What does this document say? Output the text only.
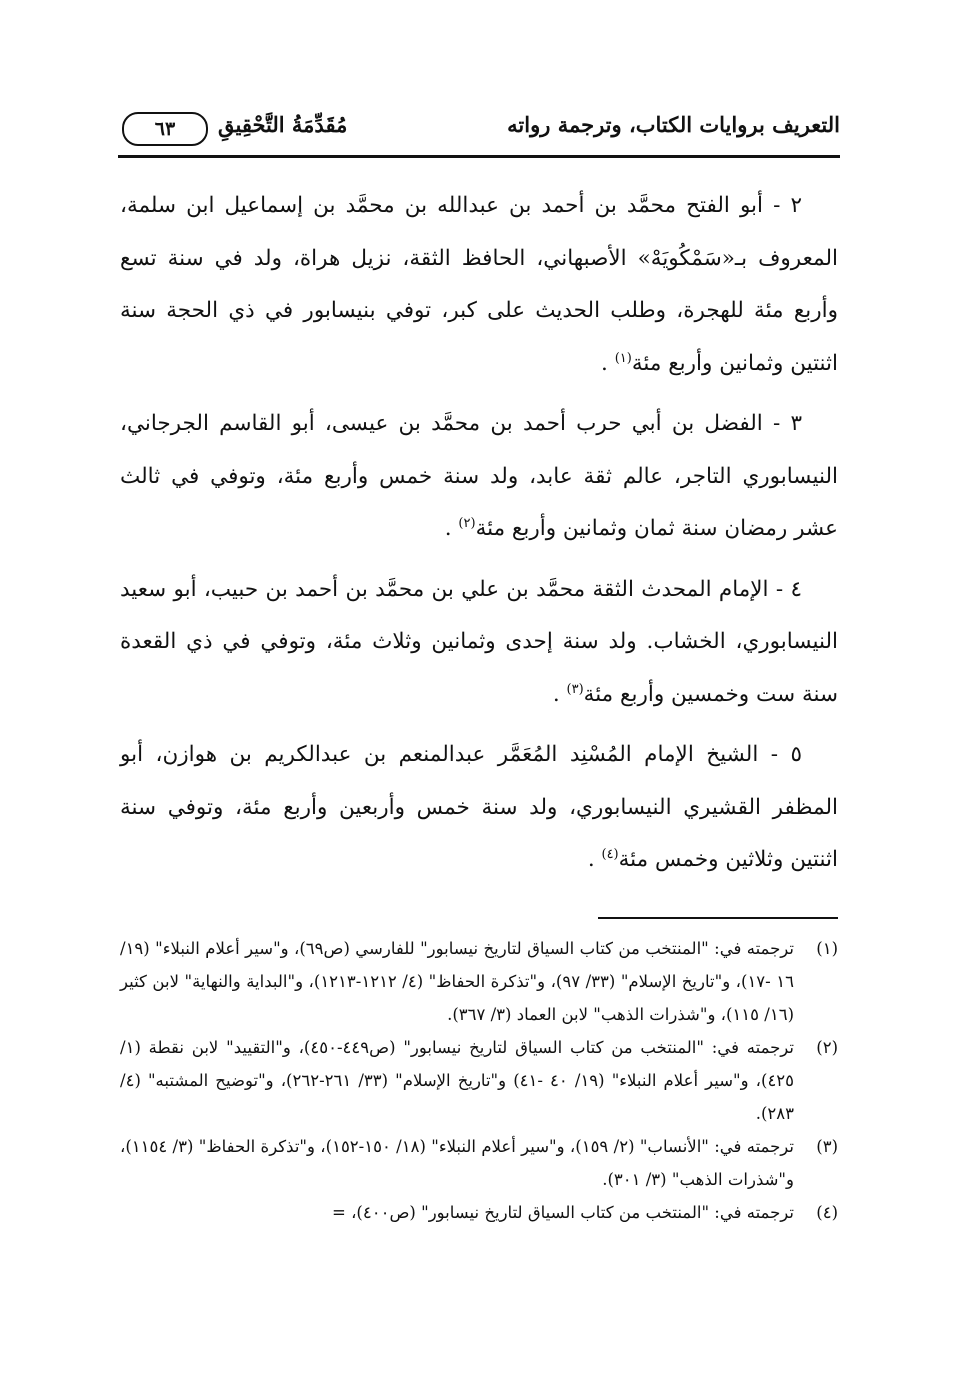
التعريف بروايات الكتاب، وترجمة رواته
مُقَدِّمَةُ التَّحْقِيقِ
٦٣

٢ - أبو الفتح محمَّد بن أحمد بن عبدالله بن محمَّد بن إسماعيل ابن سلمة، المعروف بـ«سَمْكُويَهْ» الأصبهاني، الحافظ الثقة، نزيل هراة، ولد في سنة تسع وأربع مئة للهجرة، وطلب الحديث على كبر، توفي بنيسابور في ذي الحجة سنة اثنتين وثمانين وأربع مئة$^{(١)}$ .

٣ - الفضل بن أبي حرب أحمد بن محمَّد بن عيسى، أبو القاسم الجرجاني، النيسابوري التاجر، عالم ثقة عابد، ولد سنة خمس وأربع مئة، وتوفي في ثالث عشر رمضان سنة ثمان وثمانين وأربع مئة$^{(٢)}$ .

٤ - الإمام المحدث الثقة محمَّد بن علي بن محمَّد بن أحمد بن حبيب، أبو سعيد النيسابوري، الخشاب. ولد سنة إحدى وثمانين وثلاث مئة، وتوفي في ذي القعدة سنة ست وخمسين وأربع مئة$^{(٣)}$ .

٥ - الشيخ الإمام المُسْنِد المُعَمَّر عبدالمنعم بن عبدالكريم بن هوازن، أبو المظفر القشيري النيسابوري، ولد سنة خمس وأربعين وأربع مئة، وتوفي سنة اثنتين وثلاثين وخمس مئة$^{(٤)}$ .

(١)
ترجمته في: "المنتخب من كتاب السياق لتاريخ نيسابور" للفارسي (ص٦٩)، و"سير أعلام النبلاء" (١٩/ ١٦ -١٧)، و"تاريخ الإسلام" (٣٣/ ٩٧)، و"تذكرة الحفاظ" (٤/ ١٢١٢-١٢١٣)، و"البداية والنهاية" لابن كثير (١٦/ ١١٥)، و"شذرات الذهب" لابن العماد (٣/ ٣٦٧).
(٢)
ترجمته في: "المنتخب من كتاب السياق لتاريخ نيسابور" (ص٤٤٩-٤٥٠)، و"التقييد" لابن نقطة (١/ ٤٢٥)، و"سير أعلام النبلاء" (١٩/ ٤٠ -٤١) و"تاريخ الإسلام" (٣٣/ ٢٦١-٢٦٢)، و"توضيح المشتبه" (٤/ ٢٨٣).
(٣)
ترجمته في: "الأنساب" (٢/ ١٥٩)، و"سير أعلام النبلاء" (١٨/ ١٥٠-١٥٢)، و"تذكرة الحفاظ" (٣/ ١١٥٤)، و"شذرات الذهب" (٣/ ٣٠١).
(٤)
ترجمته في: "المنتخب من كتاب السياق لتاريخ نيسابور" (ص٤٠٠)، =
